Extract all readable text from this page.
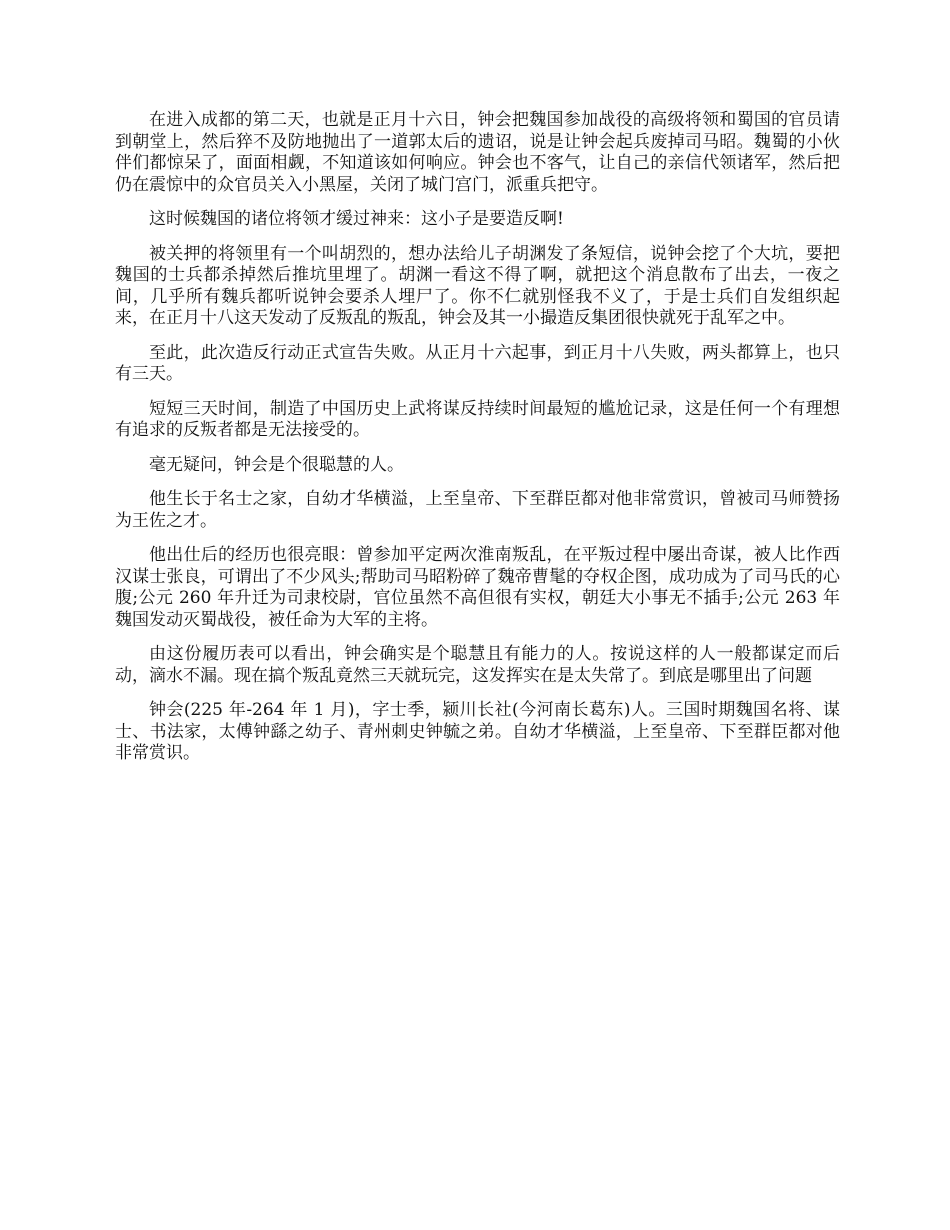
在进入成都的第二天，也就是正月十六日，钟会把魏国参加战役的高级将领和蜀国的官员请到朝堂上，然后猝不及防地抛出了一道郭太后的遗诏，说是让钟会起兵废掉司马昭。魏蜀的小伙伴们都惊呆了，面面相觑，不知道该如何响应。钟会也不客气，让自己的亲信代领诸军，然后把仍在震惊中的众官员关入小黑屋，关闭了城门宫门，派重兵把守。

这时候魏国的诸位将领才缓过神来：这小子是要造反啊!

被关押的将领里有一个叫胡烈的，想办法给儿子胡渊发了条短信，说钟会挖了个大坑，要把魏国的士兵都杀掉然后推坑里埋了。胡渊一看这不得了啊，就把这个消息散布了出去，一夜之间，几乎所有魏兵都听说钟会要杀人埋尸了。你不仁就别怪我不义了，于是士兵们自发组织起来，在正月十八这天发动了反叛乱的叛乱，钟会及其一小撮造反集团很快就死于乱军之中。

至此，此次造反行动正式宣告失败。从正月十六起事，到正月十八失败，两头都算上，也只有三天。

短短三天时间，制造了中国历史上武将谋反持续时间最短的尴尬记录，这是任何一个有理想有追求的反叛者都是无法接受的。

毫无疑问，钟会是个很聪慧的人。

他生长于名士之家，自幼才华横溢，上至皇帝、下至群臣都对他非常赏识，曾被司马师赞扬为王佐之才。

他出仕后的经历也很亮眼：曾参加平定两次淮南叛乱，在平叛过程中屡出奇谋，被人比作西汉谋士张良，可谓出了不少风头;帮助司马昭粉碎了魏帝曹髦的夺权企图，成功成为了司马氏的心腹;公元 260 年升迁为司隶校尉，官位虽然不高但很有实权，朝廷大小事无不插手;公元 263 年魏国发动灭蜀战役，被任命为大军的主将。

由这份履历表可以看出，钟会确实是个聪慧且有能力的人。按说这样的人一般都谋定而后动，滴水不漏。现在搞个叛乱竟然三天就玩完，这发挥实在是太失常了。到底是哪里出了问题

钟会(225 年-264 年 1 月)，字士季，颍川长社(今河南长葛东)人。三国时期魏国名将、谋士、书法家，太傅钟繇之幼子、青州刺史钟毓之弟。自幼才华横溢，上至皇帝、下至群臣都对他非常赏识。
